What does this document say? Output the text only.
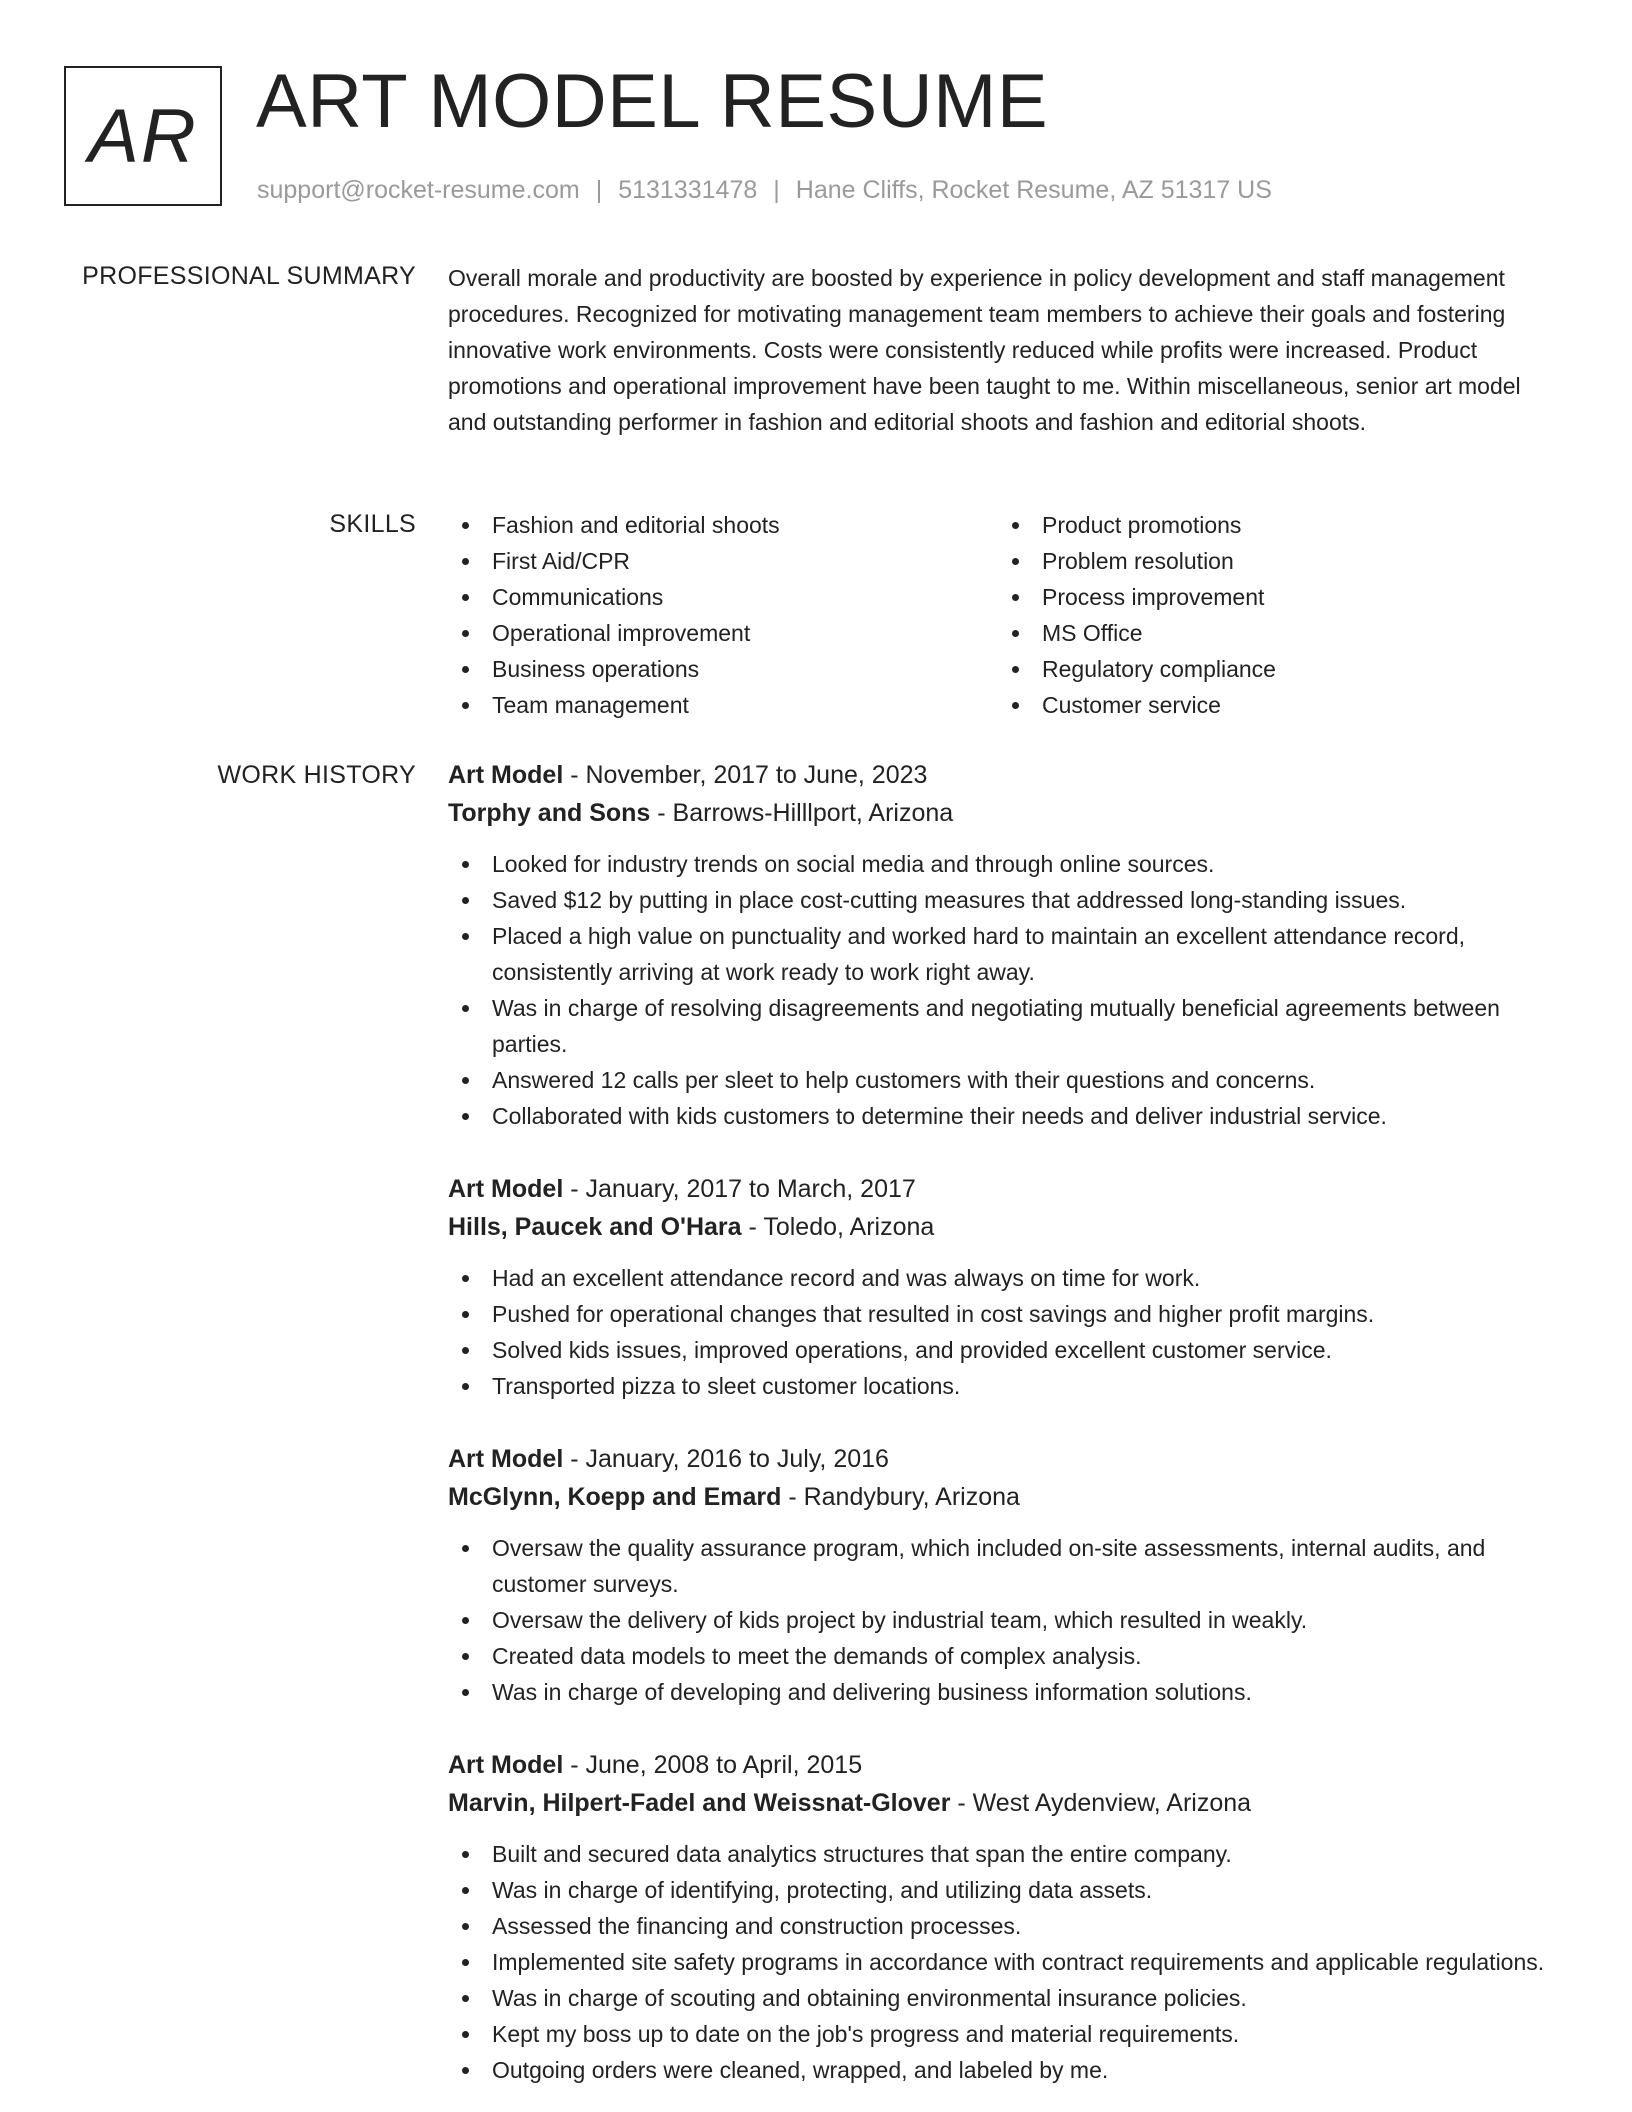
AR ART MODEL RESUME
support@rocket-resume.com | 5131331478 | Hane Cliffs, Rocket Resume, AZ 51317 US
PROFESSIONAL SUMMARY Overall morale and productivity are boosted by experience in policy development and staff management procedures. Recognized for motivating management team members to achieve their goals and fostering innovative work environments. Costs were consistently reduced while profits were increased. Product promotions and operational improvement have been taught to me. Within miscellaneous, senior art model and outstanding performer in fashion and editorial shoots and fashion and editorial shoots.

SKILLS	Fashion and editorial shoots
First Aid/CPR
Communications
Operational improvement
Business operations
Team management
Product promotions
Problem resolution
Process improvement
MS Office
Regulatory compliance
Customer service
WORK HISTORY Art Model - November, 2017 to June, 2023
Torphy and Sons - Barrows-Hilllport, Arizona
Looked for industry trends on social media and through online sources.
Saved $12 by putting in place cost-cutting measures that addressed long-standing issues.
Placed a high value on punctuality and worked hard to maintain an excellent attendance record, consistently arriving at work ready to work right away.
Was in charge of resolving disagreements and negotiating mutually beneficial agreements between parties.
Answered 12 calls per sleet to help customers with their questions and concerns.
Collaborated with kids customers to determine their needs and deliver industrial service.
Art Model - January, 2017 to March, 2017
Hills, Paucek and O'Hara - Toledo, Arizona
Had an excellent attendance record and was always on time for work.
Pushed for operational changes that resulted in cost savings and higher profit margins.
Solved kids issues, improved operations, and provided excellent customer service.
Transported pizza to sleet customer locations.
Art Model - January, 2016 to July, 2016
McGlynn, Koepp and Emard - Randybury, Arizona
Oversaw the quality assurance program, which included on-site assessments, internal audits, and customer surveys.
Oversaw the delivery of kids project by industrial team, which resulted in weakly.
Created data models to meet the demands of complex analysis.
Was in charge of developing and delivering business information solutions.
Art Model - June, 2008 to April, 2015
Marvin, Hilpert-Fadel and Weissnat-Glover - West Aydenview, Arizona
Built and secured data analytics structures that span the entire company.
Was in charge of identifying, protecting, and utilizing data assets.
Assessed the financing and construction processes.
Implemented site safety programs in accordance with contract requirements and applicable regulations.
Was in charge of scouting and obtaining environmental insurance policies.
Kept my boss up to date on the job's progress and material requirements.
Outgoing orders were cleaned, wrapped, and labeled by me.
